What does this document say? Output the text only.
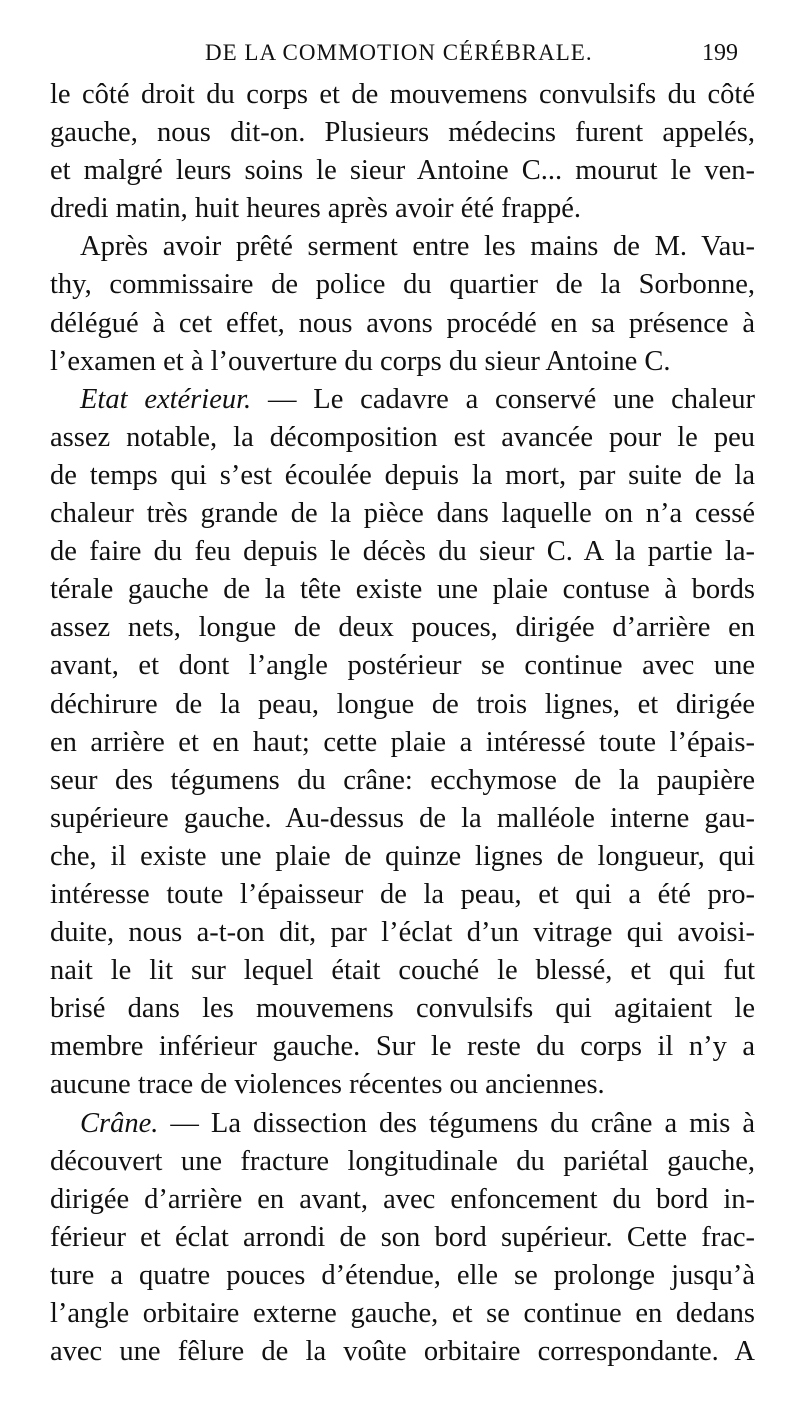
DE LA COMMOTION CÉRÉBRALE.	199
le côté droit du corps et de mouvemens convulsifs du côté
gauche, nous dit-on. Plusieurs médecins furent appelés,
et malgré leurs soins le sieur Antoine C... mourut le ven-
dredi matin, huit heures après avoir été frappé.
Après avoir prêté serment entre les mains de M. Vau-
thy, commissaire de police du quartier de la Sorbonne,
délégué à cet effet, nous avons procédé en sa présence à
l’examen et à l’ouverture du corps du sieur Antoine C.
Etat extérieur. — Le cadavre a conservé une chaleur
assez notable, la décomposition est avancée pour le peu
de temps qui s’est écoulée depuis la mort, par suite de la
chaleur très grande de la pièce dans laquelle on n’a cessé
de faire du feu depuis le décès du sieur C. A la partie la-
térale gauche de la tête existe une plaie contuse à bords
assez nets, longue de deux pouces, dirigée d’arrière en
avant, et dont l’angle postérieur se continue avec une
déchirure de la peau, longue de trois lignes, et dirigée
en arrière et en haut; cette plaie a intéressé toute l’épais-
seur des tégumens du crâne: ecchymose de la paupière
supérieure gauche. Au-dessus de la malléole interne gau-
che, il existe une plaie de quinze lignes de longueur, qui
intéresse toute l’épaisseur de la peau, et qui a été pro-
duite, nous a-t-on dit, par l’éclat d’un vitrage qui avoisi-
nait le lit sur lequel était couché le blessé, et qui fut
brisé dans les mouvemens convulsifs qui agitaient le
membre inférieur gauche. Sur le reste du corps il n’y a
aucune trace de violences récentes ou anciennes.
Crâne. — La dissection des tégumens du crâne a mis à
découvert une fracture longitudinale du pariétal gauche,
dirigée d’arrière en avant, avec enfoncement du bord in-
férieur et éclat arrondi de son bord supérieur. Cette frac-
ture a quatre pouces d’étendue, elle se prolonge jusqu’à
l’angle orbitaire externe gauche, et se continue en dedans
avec une fêlure de la voûte orbitaire correspondante. A
